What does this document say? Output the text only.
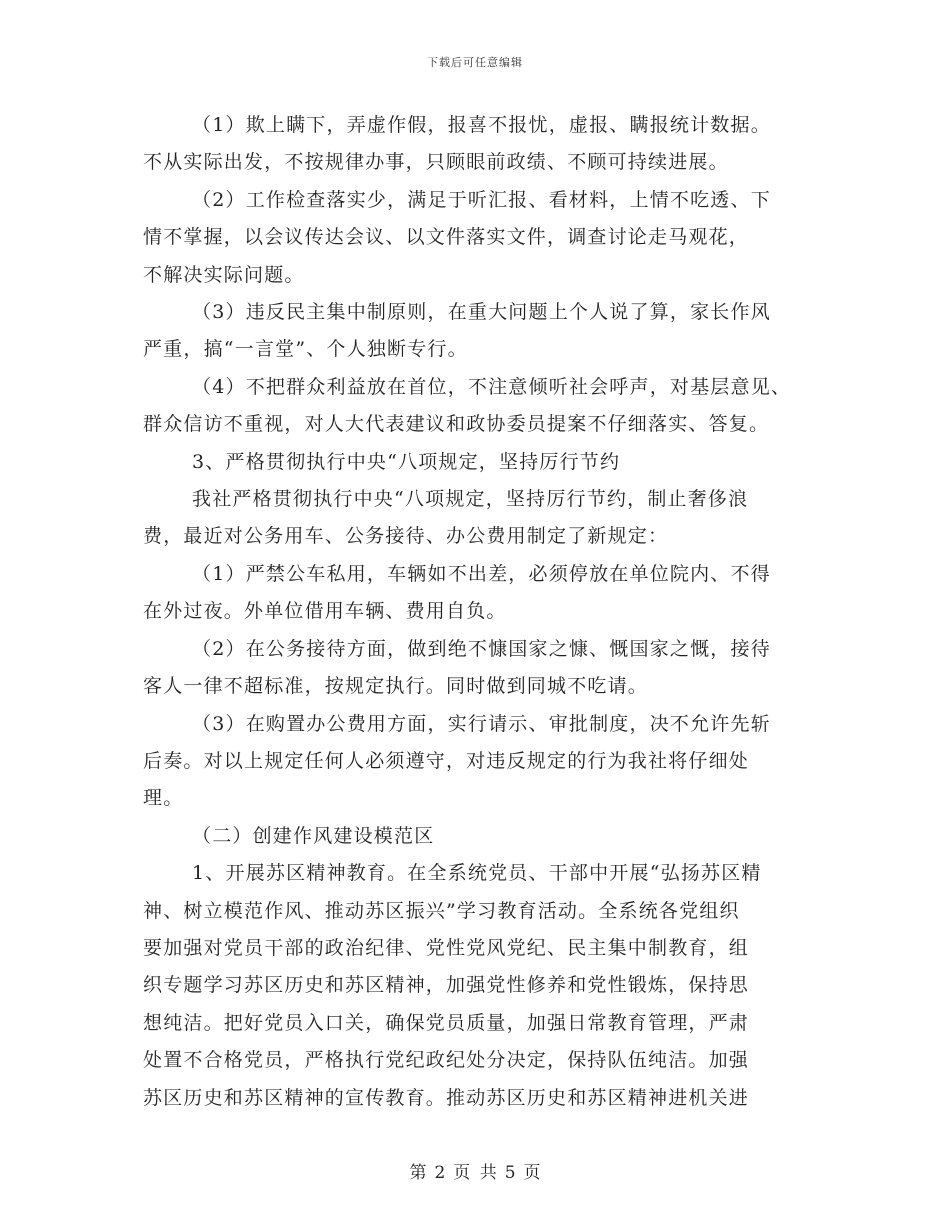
下载后可任意编辑

（1）欺上瞒下，弄虚作假，报喜不报忧，虚报、瞒报统计数据。

不从实际出发，不按规律办事，只顾眼前政绩、不顾可持续进展。

（2）工作检查落实少，满足于听汇报、看材料，上情不吃透、下

情不掌握，以会议传达会议、以文件落实文件，调查讨论走马观花，

不解决实际问题。

（3）违反民主集中制原则，在重大问题上个人说了算，家长作风

严重，搞“一言堂”、个人独断专行。

（4）不把群众利益放在首位，不注意倾听社会呼声，对基层意见、

群众信访不重视，对人大代表建议和政协委员提案不仔细落实、答复。

3、严格贯彻执行中央“八项规定，坚持厉行节约

我社严格贯彻执行中央“八项规定，坚持厉行节约，制止奢侈浪

费，最近对公务用车、公务接待、办公费用制定了新规定：

（1）严禁公车私用，车辆如不出差，必须停放在单位院内、不得

在外过夜。外单位借用车辆、费用自负。

（2）在公务接待方面，做到绝不慷国家之慷、慨国家之慨，接待

客人一律不超标准，按规定执行。同时做到同城不吃请。

（3）在购置办公费用方面，实行请示、审批制度，决不允许先斩

后奏。对以上规定任何人必须遵守，对违反规定的行为我社将仔细处

理。

（二）创建作风建设模范区

1、开展苏区精神教育。在全系统党员、干部中开展“弘扬苏区精

神、树立模范作风、推动苏区振兴”学习教育活动。全系统各党组织

要加强对党员干部的政治纪律、党性党风党纪、民主集中制教育，组

织专题学习苏区历史和苏区精神，加强党性修养和党性锻炼，保持思

想纯洁。把好党员入口关，确保党员质量，加强日常教育管理，严肃

处置不合格党员，严格执行党纪政纪处分决定，保持队伍纯洁。加强

苏区历史和苏区精神的宣传教育。推动苏区历史和苏区精神进机关进

第 2 页 共 5 页
